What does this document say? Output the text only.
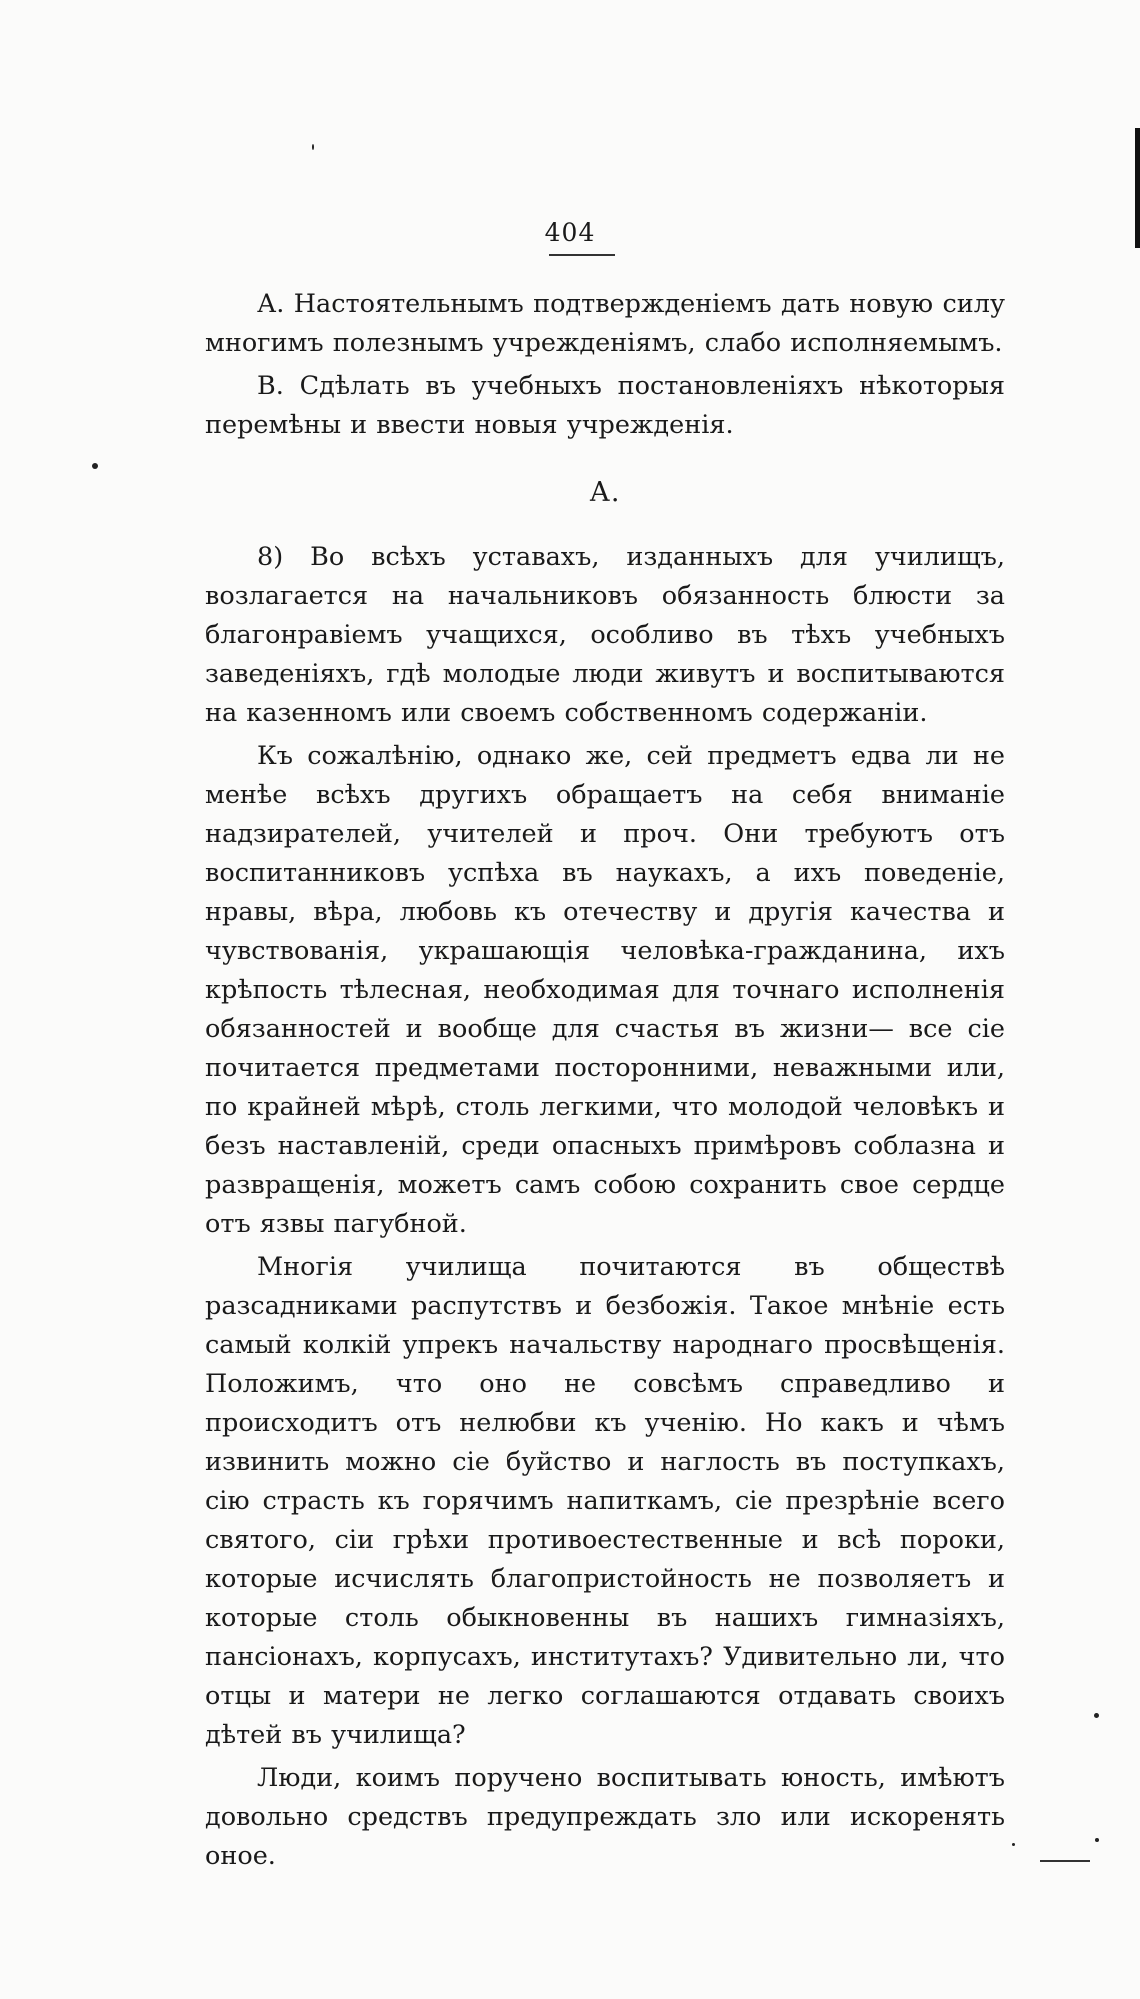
404

А. Настоятельнымъ подтвержденіемъ дать новую силу многимъ полезнымъ учрежденіямъ, слабо исполняемымъ.

В. Сдѣлать въ учебныхъ постановленіяхъ нѣкоторыя перемѣны и ввести новыя учрежденія.

А.

8) Во всѣхъ уставахъ, изданныхъ для училищъ, возлагается на начальниковъ обязанность блюсти за благонравіемъ учащихся, особливо въ тѣхъ учебныхъ заведеніяхъ, гдѣ молодые люди живутъ и воспитываются на казенномъ или своемъ собственномъ содержаніи.

Къ сожалѣнію, однако же, сей предметъ едва ли не менѣе всѣхъ другихъ обращаетъ на себя вниманіе надзирателей, учителей и проч. Они требуютъ отъ воспитанниковъ успѣха въ наукахъ, а ихъ поведеніе, нравы, вѣра, любовь къ отечеству и другія качества и чувствованія, украшающія человѣка-гражданина, ихъ крѣпость тѣлесная, необходимая для точнаго исполненія обязанностей и вообще для счастья въ жизни— все сіе почитается предметами посторонними, неважными или, по крайней мѣрѣ, столь легкими, что молодой человѣкъ и безъ наставленій, среди опасныхъ примѣровъ соблазна и развращенія, можетъ самъ собою сохранить свое сердце отъ язвы пагубной.

Многія училища почитаются въ обществѣ разсадниками распутствъ и безбожія. Такое мнѣніе есть самый колкій упрекъ начальству народнаго просвѣщенія. Положимъ, что оно не совсѣмъ справедливо и происходитъ отъ нелюбви къ ученію. Но какъ и чѣмъ извинить можно сіе буйство и наглость въ поступкахъ, сію страсть къ горячимъ напиткамъ, сіе презрѣніе всего святого, сіи грѣхи противоестественные и всѣ пороки, которые исчислять благопристойность не позволяетъ и которые столь обыкновенны въ нашихъ гимназіяхъ, пансіонахъ, корпусахъ, институтахъ? Удивительно ли, что отцы и матери не легко соглашаются отдавать своихъ дѣтей въ училища?

Люди, коимъ поручено воспитывать юность, имѣютъ довольно средствъ предупреждать зло или искоренять оное.
